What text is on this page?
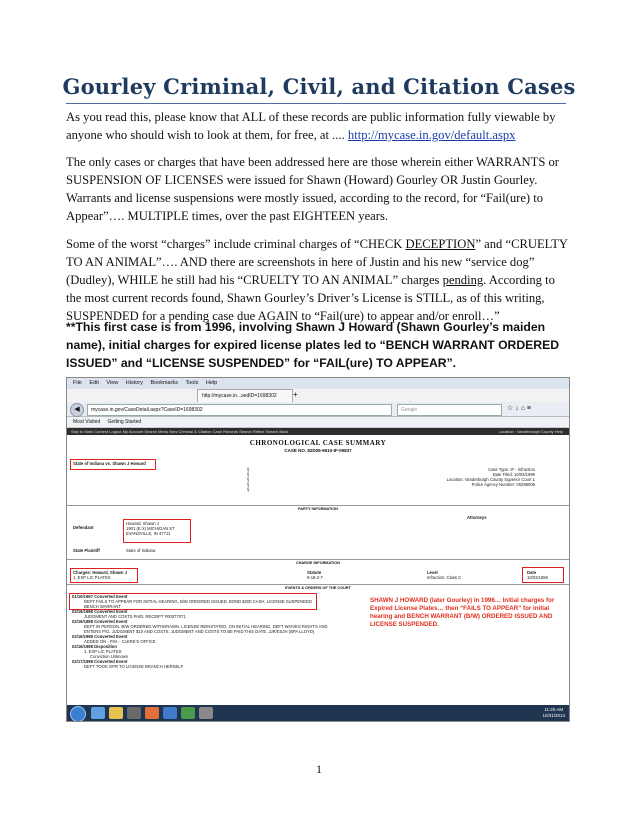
Gourley Criminal, Civil, and Citation Cases

As you read this, please know that ALL of these records are public information fully viewable by anyone who should wish to look at them, for free, at .... http://mycase.in.gov/default.aspx

The only cases or charges that have been addressed here are those wherein either WARRANTS or SUSPENSION OF LICENSES were issued for Shawn (Howard) Gourley OR Justin Gourley. Warrants and license suspensions were mostly issued, according to the record, for “Fail(ure) to Appear”…. MULTIPLE times, over the past EIGHTEEN years.

Some of the worst “charges” include criminal charges of “CHECK DECEPTION” and “CRUELTY TO AN ANIMAL”…. AND there are screenshots in here of Justin and his new “service dog” (Dudley), WHILE he still had his “CRUELTY TO AN ANIMAL” charges pending. According to the most current records found, Shawn Gourley’s Driver’s License is STILL, as of this writing, SUSPENDED for a pending case due AGAIN to “Fail(ure) to appear and/or enroll…”

**This first case is from 1996, involving Shawn J Howard (Shawn Gourley’s maiden name), initial charges for expired license plates led to “BENCH WARRANT ORDERED ISSUED” and “LICENSE SUSPENDED” for “FAIL(ure) TO APPEAR”.

File Edit View History Bookmarks Tools Help
http://mycase.in...sedID=1698302	+
◀	mycase.in.gov/CaseDetail.aspx?CaseID=1698302	Google	☆ ↓ ⌂ ≡
Most Visited Getting Started
Skip to Main Content Logout My Account Search Menu New Criminal & Citation Case Records Search Refine Search Back	Location : Vanderburgh County Help
CHRONOLOGICAL CASE SUMMARY
CASE NO. 82D05-9610-IF-09837
State of Indiana vs. Shawn J Howard
§
§
§
§
§
Case Type: IF - Infraction
Date Filed: 10/03/1996
Location: Vanderburgh County Superior Court 1
Police Agency Number: 00298006
PARTY INFORMATION
Attorneys
Defendant
Howard, Shawn J
1901 (E.X) MICHIGAN ST
EVANSVILLE, IN 47711
State Plaintiff	State of Indiana
CHARGE INFORMATION
Charges: Howard, Shawn J
1. EXP LIC PLATES
Statute
9-18-2-7
Level
Infraction: Class C
Date
10/03/1996
EVENTS & ORDERS OF THE COURT
01/10/1997 Converted Event
DEFT FAILS TO APPEAR FOR INITIAL HEARING, B/W ORDERED ISSUED. BOND $200 CASH, LICENSE SUSPENDED
BENCH WARRANT
02/16/1998 Converted Event
JUDGMENT AND COSTS PAID. RECEIPT #00077071
02/16/1998 Converted Event
DEFT IN PERSON. B/W ORDERED WITHDRAWN, LICENSE REINSTATED, ON INITIAL HEARING, DEFT WAIVES RIGHTS AND
ENTERS P/G. JUDGMENT $10 AND COSTS. JUDGMENT AND COSTS TO BE PAID THIS DATE. JJR/ESJH (BPA LLOYD)
02/16/1998 Converted Event
ADDED ON - P.M. - CLERK'S OFFICE
02/16/1998 Disposition
1. EXP LIC PLATES
Conviction Unknown
02/17/1998 Converted Event
DEFT TOOK OPR TO LICENSE BRANCH HERSELF
SHAWN J HOWARD (later Gourley) in 1996… Initial charges for Expired License Plates… then “FAILS TO APPEAR” for initial hearing and BENCH WARRANT (B/W) ORDERED ISSUED AND LICENSE SUSPENDED.
11:25 AM
10/31/2014
1
